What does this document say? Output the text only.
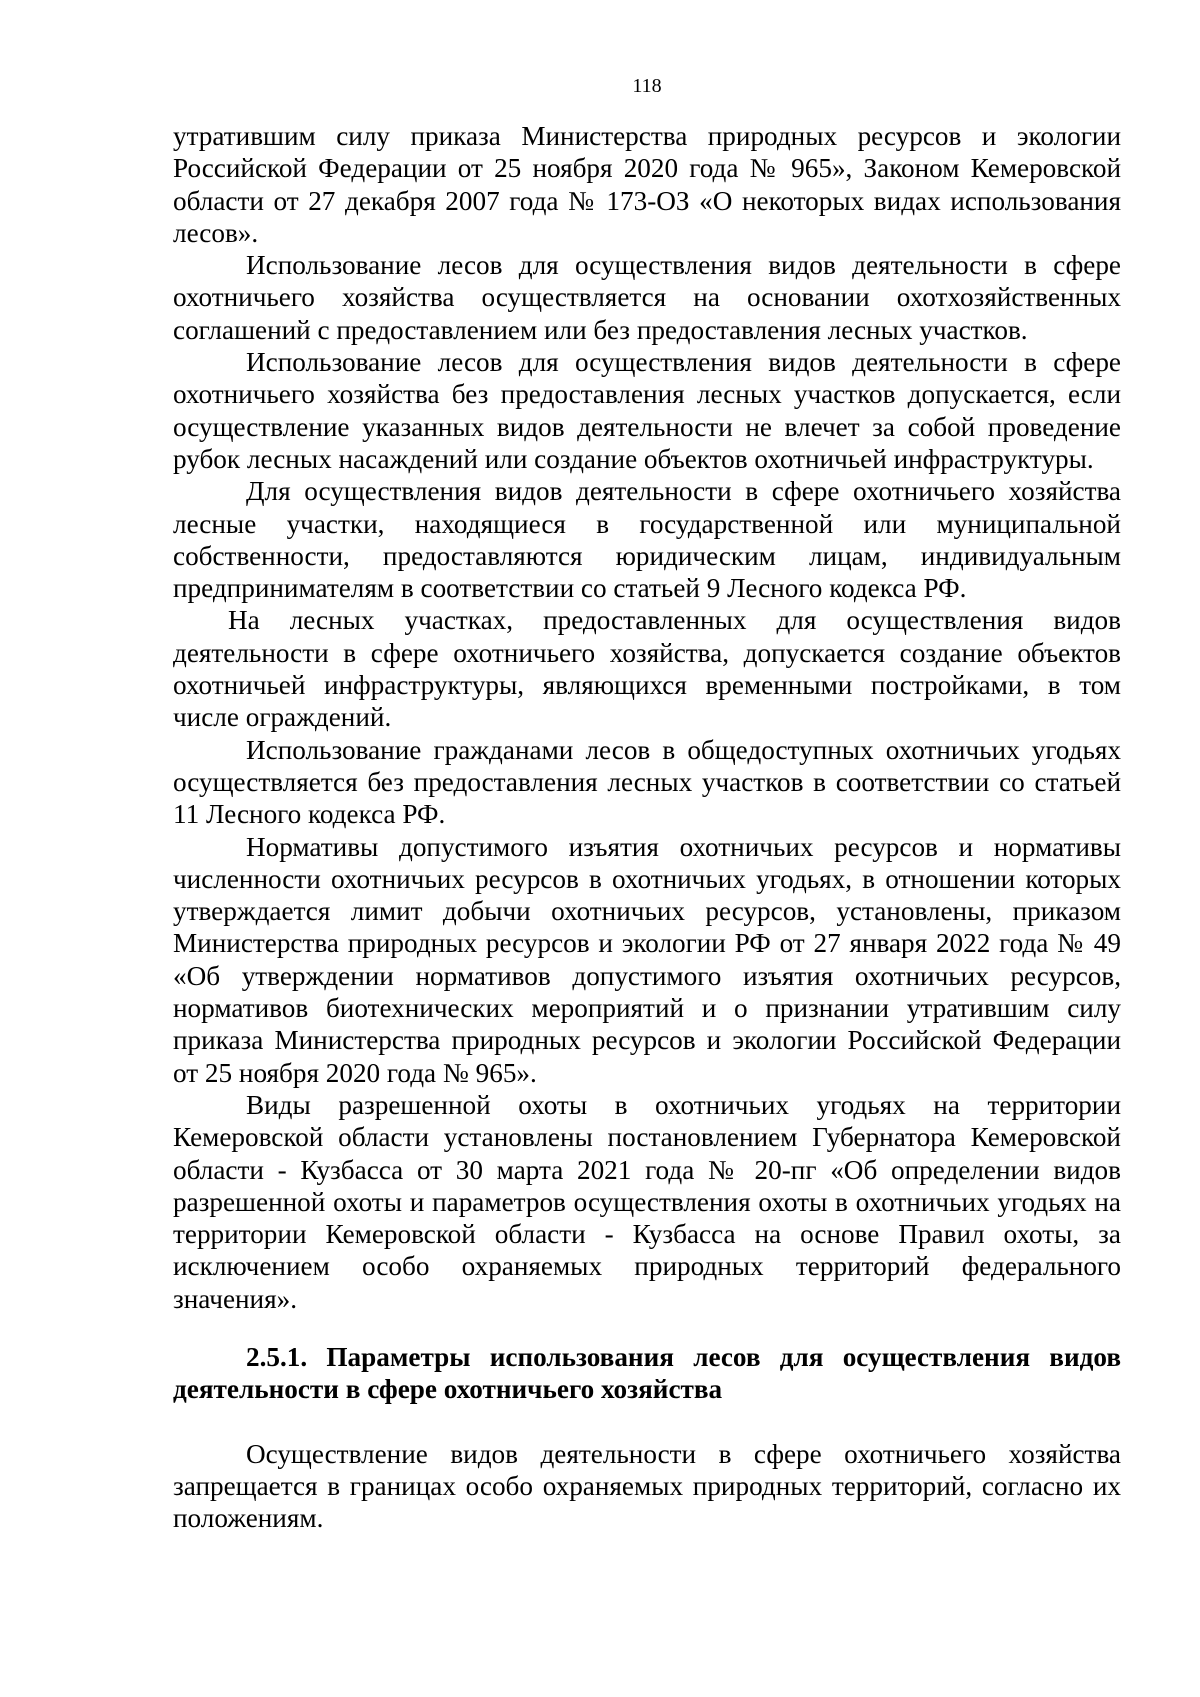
118

утратившим силу приказа Министерства природных ресурсов и экологии Российской Федерации от 25 ноября 2020 года № 965», Законом Кемеровской области от 27 декабря 2007 года № 173-ОЗ «О некоторых видах использования лесов».

Использование лесов для осуществления видов деятельности в сфере охотничьего хозяйства осуществляется на основании охотхозяйственных соглашений с предоставлением или без предоставления лесных участков.

Использование лесов для осуществления видов деятельности в сфере охотничьего хозяйства без предоставления лесных участков допускается, если осуществление указанных видов деятельности не влечет за собой проведение рубок лесных насаждений или создание объектов охотничьей инфраструктуры.

Для осуществления видов деятельности в сфере охотничьего хозяйства лесные участки, находящиеся в государственной или муниципальной собственности, предоставляются юридическим лицам, индивидуальным предпринимателям в соответствии со статьей 9 Лесного кодекса РФ.

На лесных участках, предоставленных для осуществления видов деятельности в сфере охотничьего хозяйства, допускается создание объектов охотничьей инфраструктуры, являющихся временными постройками, в том числе ограждений.

Использование гражданами лесов в общедоступных охотничьих угодьях осуществляется без предоставления лесных участков в соответствии со статьей 11 Лесного кодекса РФ.

Нормативы допустимого изъятия охотничьих ресурсов и нормативы численности охотничьих ресурсов в охотничьих угодьях, в отношении которых утверждается лимит добычи охотничьих ресурсов, установлены, приказом Министерства природных ресурсов и экологии РФ от 27 января 2022 года № 49 «Об утверждении нормативов допустимого изъятия охотничьих ресурсов, нормативов биотехнических мероприятий и о признании утратившим силу приказа Министерства природных ресурсов и экологии Российской Федерации от 25 ноября 2020 года № 965».

Виды разрешенной охоты в охотничьих угодьях на территории Кемеровской области установлены постановлением Губернатора Кемеровской области - Кузбасса от 30 марта 2021 года № 20-пг «Об определении видов разрешенной охоты и параметров осуществления охоты в охотничьих угодьях на территории Кемеровской области - Кузбасса на основе Правил охоты, за исключением особо охраняемых природных территорий федерального значения».

2.5.1. Параметры использования лесов для осуществления видов деятельности в сфере охотничьего хозяйства

Осуществление видов деятельности в сфере охотничьего хозяйства запрещается в границах особо охраняемых природных территорий, согласно их положениям.
